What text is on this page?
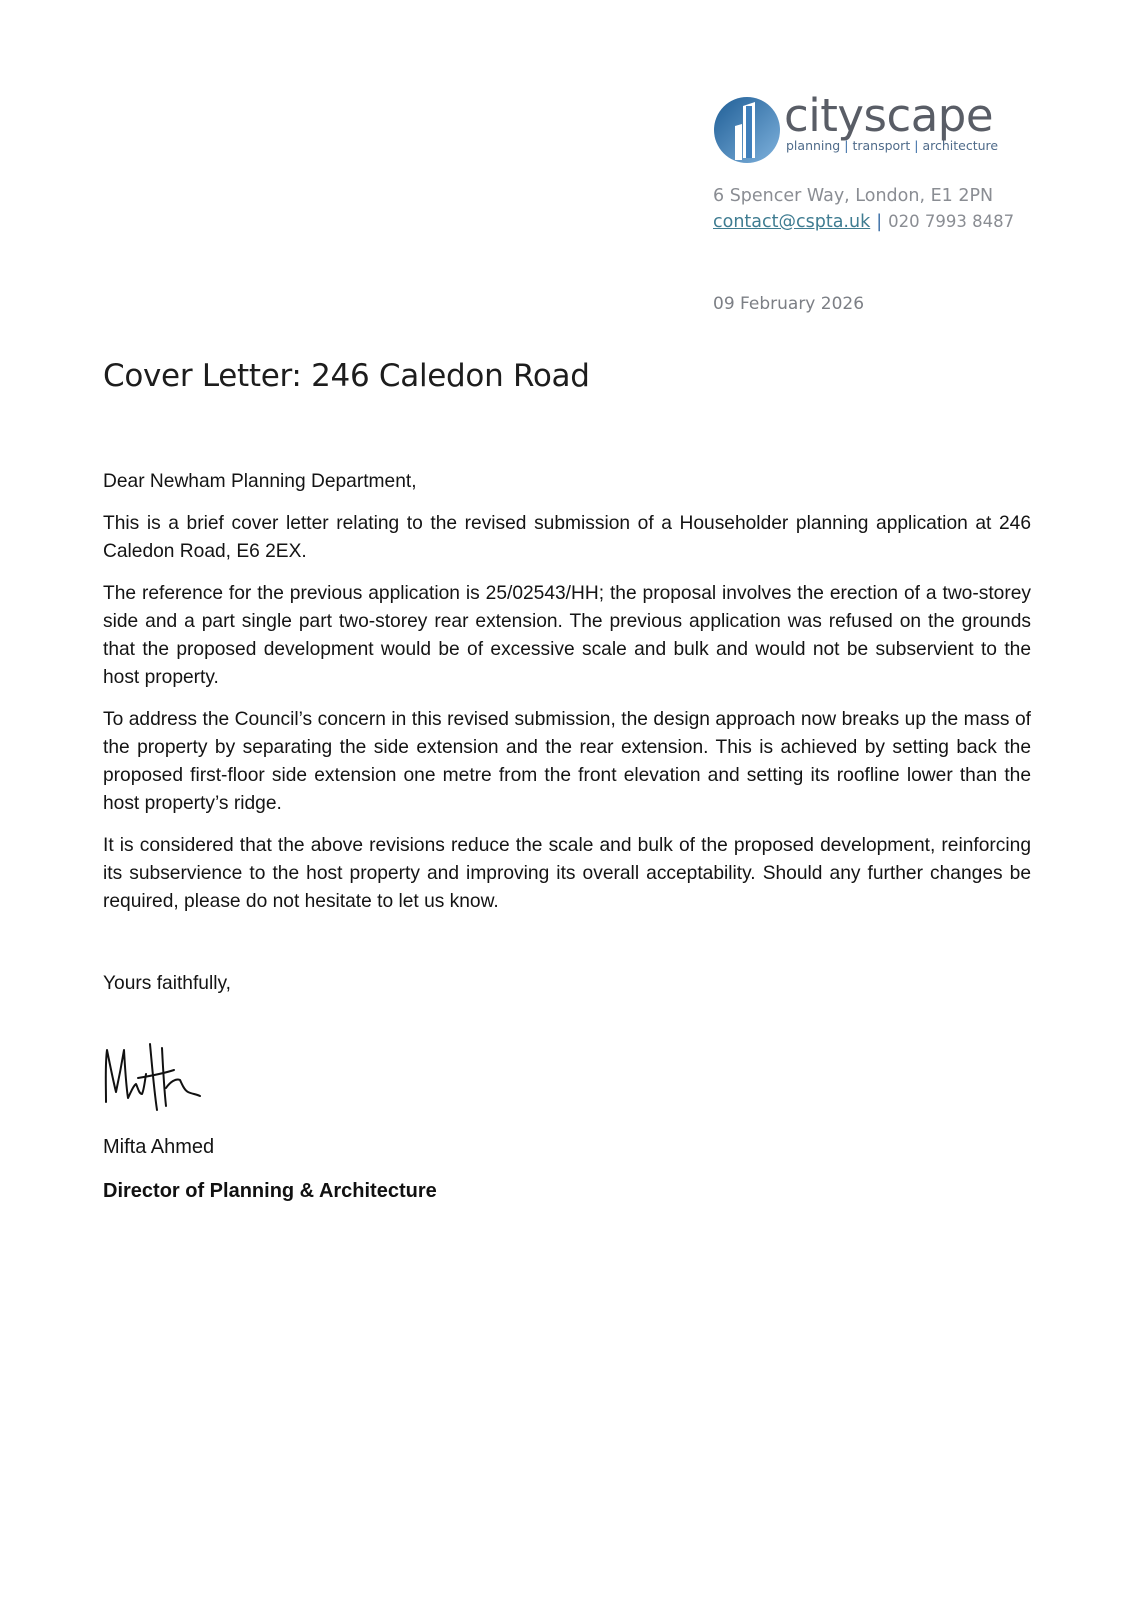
cityscape
planning | transport | architecture
6 Spencer Way, London, E1 2PN
contact@cspta.uk | 020 7993 8487
09 February 2026
Cover Letter: 246 Caledon Road

Dear Newham Planning Department,

This is a brief cover letter relating to the revised submission of a Householder planning application at 246 Caledon Road, E6 2EX.

The reference for the previous application is 25/02543/HH; the proposal involves the erection of a two-storey side and a part single part two-storey rear extension. The previous application was refused on the grounds that the proposed development would be of excessive scale and bulk and would not be subservient to the host property.

To address the Council’s concern in this revised submission, the design approach now breaks up the mass of the property by separating the side extension and the rear extension. This is achieved by setting back the proposed first-floor side extension one metre from the front elevation and setting its roofline lower than the host property’s ridge.

It is considered that the above revisions reduce the scale and bulk of the proposed development, reinforcing its subservience to the host property and improving its overall acceptability. Should any further changes be required, please do not hesitate to let us know.

Yours faithfully,
Mifta Ahmed
Director of Planning & Architecture
